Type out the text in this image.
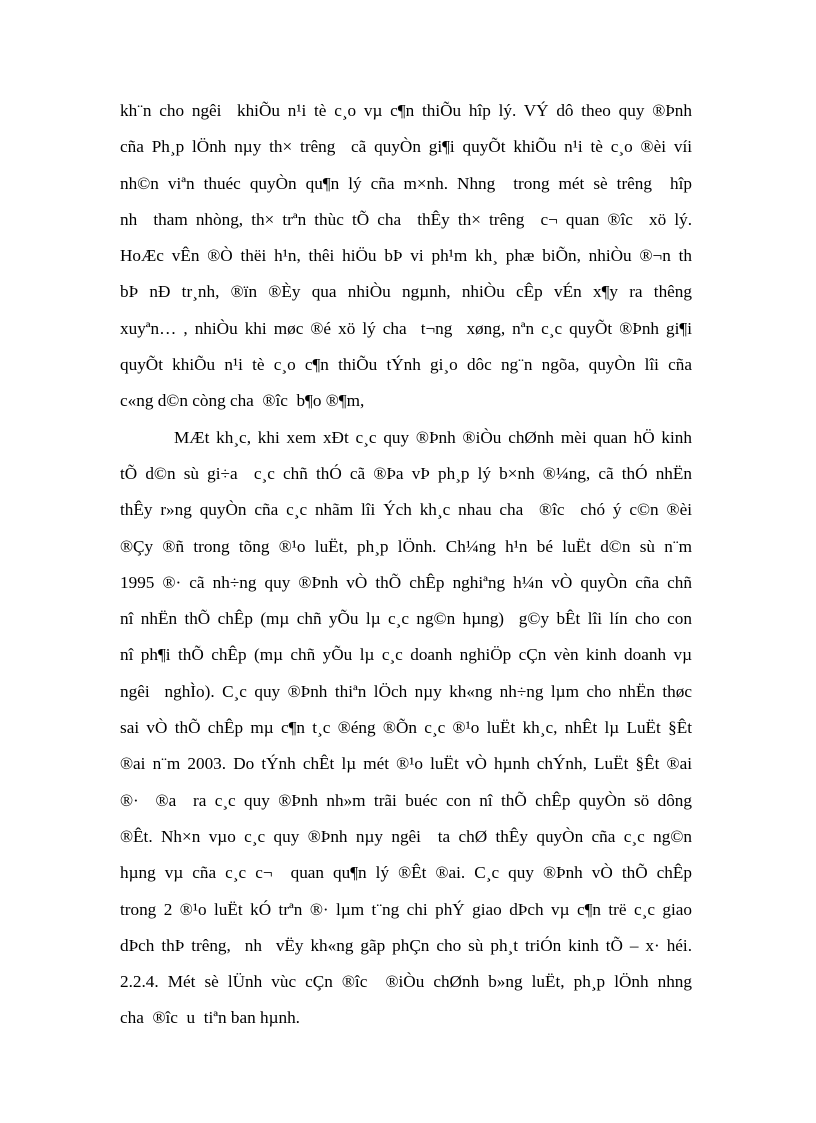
kh¨n cho ngêi  khiÕu n¹i tè c¸o vµ c¶n thiÕu hîp lý. VÝ dô theo quy ®Þnh
cña Ph¸p lÖnh nµy th× trêng  cã quyÒn gi¶i quyÕt khiÕu n¹i tè c¸o ®èi víi
nh©n viªn thuéc quyÒn qu¶n lý cña m×nh. Nhng  trong mét sè trêng  hîp
nh  tham nhòng, th× trªn thùc tÕ cha  thÊy th× trêng  c¬ quan ®îc  xö lý.
HoÆc vÊn ®Ò thëi h¹n, thêi hiÖu bÞ vi ph¹m kh¸ phæ biÕn, nhiÒu ®¬n th
bÞ nÐ tr¸nh, ®ïn ®Èy qua nhiÒu ngµnh, nhiÒu cÊp vÉn x¶y ra thêng
xuyªn… , nhiÒu khi møc ®é xö lý cha  t¬ng  xøng, nªn c¸c quyÕt ®Þnh gi¶i
quyÕt khiÕu n¹i tè c¸o c¶n thiÕu tÝnh gi¸o dôc ng¨n ngõa, quyÒn lîi cña
c«ng d©n còng cha  ®îc  b¶o ®¶m,
MÆt kh¸c, khi xem xÐt c¸c quy ®Þnh ®iÒu chØnh mèi quan hÖ kinh
tÕ d©n sù gi÷a  c¸c chñ thÓ cã ®Þa vÞ ph¸p lý b×nh ®¼ng, cã thÓ nhËn
thÊy r»ng quyÒn cña c¸c nhãm lîi Ých kh¸c nhau cha  ®îc  chó ý c©n ®èi
®Çy ®ñ trong tõng ®¹o luËt, ph¸p lÖnh. Ch¼ng h¹n bé luËt d©n sù n¨m
1995 ®· cã nh÷ng quy ®Þnh vÒ thÕ chÊp nghiªng h¼n vÒ quyÒn cña chñ
nî nhËn thÕ chÊp (mµ chñ yÕu lµ c¸c ng©n hµng)  g©y bÊt lîi lín cho con
nî ph¶i thÕ chÊp (mµ chñ yÕu lµ c¸c doanh nghiÖp cÇn vèn kinh doanh vµ
ngêi  nghÌo). C¸c quy ®Þnh thiªn lÖch nµy kh«ng nh÷ng lµm cho nhËn thøc
sai vÒ thÕ chÊp mµ c¶n t¸c ®éng ®Õn c¸c ®¹o luËt kh¸c, nhÊt lµ LuËt §Êt
®ai n¨m 2003. Do tÝnh chÊt lµ mét ®¹o luËt vÒ hµnh chÝnh, LuËt §Êt ®ai
®·  ®a  ra c¸c quy ®Þnh nh»m trãi buéc con nî thÕ chÊp quyÒn sö dông
®Êt. Nh×n vµo c¸c quy ®Þnh nµy ngêi  ta chØ thÊy quyÒn cña c¸c ng©n
hµng vµ cña c¸c c¬  quan qu¶n lý ®Êt ®ai. C¸c quy ®Þnh vÒ thÕ chÊp
trong 2 ®¹o luËt kÓ trªn ®· lµm t¨ng chi phÝ giao dÞch vµ c¶n trë c¸c giao
dÞch thÞ trêng,  nh  vËy kh«ng gãp phÇn cho sù ph¸t triÓn kinh tÕ – x· héi.
2.2.4. Mét sè lÜnh vùc cÇn ®îc  ®iÒu chØnh b»ng luËt, ph¸p lÖnh nhng
cha  ®îc  u  tiªn ban hµnh.
